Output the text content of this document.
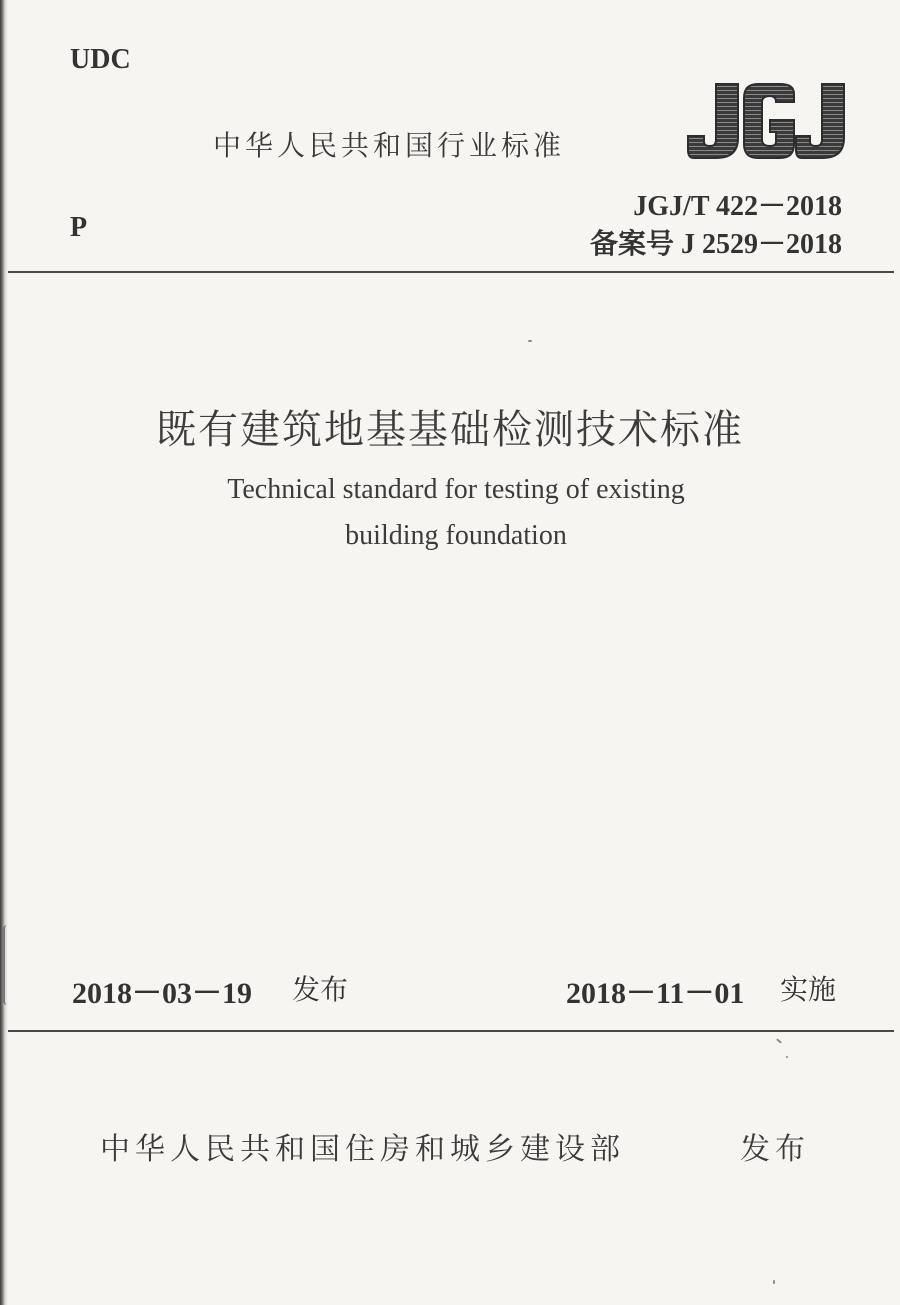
UDC
中华人民共和国行业标准
P
JGJ/T 422－2018
备案号 J 2529－2018
既有建筑地基基础检测技术标准
Technical standard for testing of existing
building foundation
2018－03－19 发布	2018－11－01 实施
中华人民共和国住房和城乡建设部	发布
